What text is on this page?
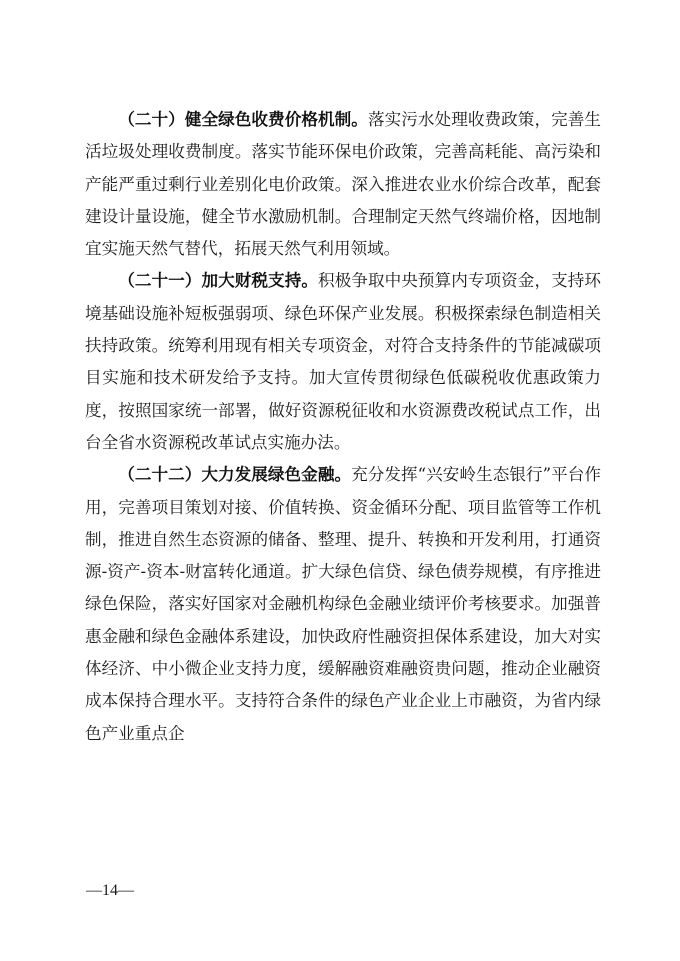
（二十）健全绿色收费价格机制。落实污水处理收费政策，完善生活垃圾处理收费制度。落实节能环保电价政策，完善高耗能、高污染和产能严重过剩行业差别化电价政策。深入推进农业水价综合改革，配套建设计量设施，健全节水激励机制。合理制定天然气终端价格，因地制宜实施天然气替代，拓展天然气利用领域。

（二十一）加大财税支持。积极争取中央预算内专项资金，支持环境基础设施补短板强弱项、绿色环保产业发展。积极探索绿色制造相关扶持政策。统筹利用现有相关专项资金，对符合支持条件的节能减碳项目实施和技术研发给予支持。加大宣传贯彻绿色低碳税收优惠政策力度，按照国家统一部署，做好资源税征收和水资源费改税试点工作，出台全省水资源税改革试点实施办法。

（二十二）大力发展绿色金融。充分发挥“兴安岭生态银行”平台作用，完善项目策划对接、价值转换、资金循环分配、项目监管等工作机制，推进自然生态资源的储备、整理、提升、转换和开发利用，打通资源-资产-资本-财富转化通道。扩大绿色信贷、绿色债券规模，有序推进绿色保险，落实好国家对金融机构绿色金融业绩评价考核要求。加强普惠金融和绿色金融体系建设，加快政府性融资担保体系建设，加大对实体经济、中小微企业支持力度，缓解融资难融资贵问题，推动企业融资成本保持合理水平。支持符合条件的绿色产业企业上市融资，为省内绿色产业重点企

—14—
